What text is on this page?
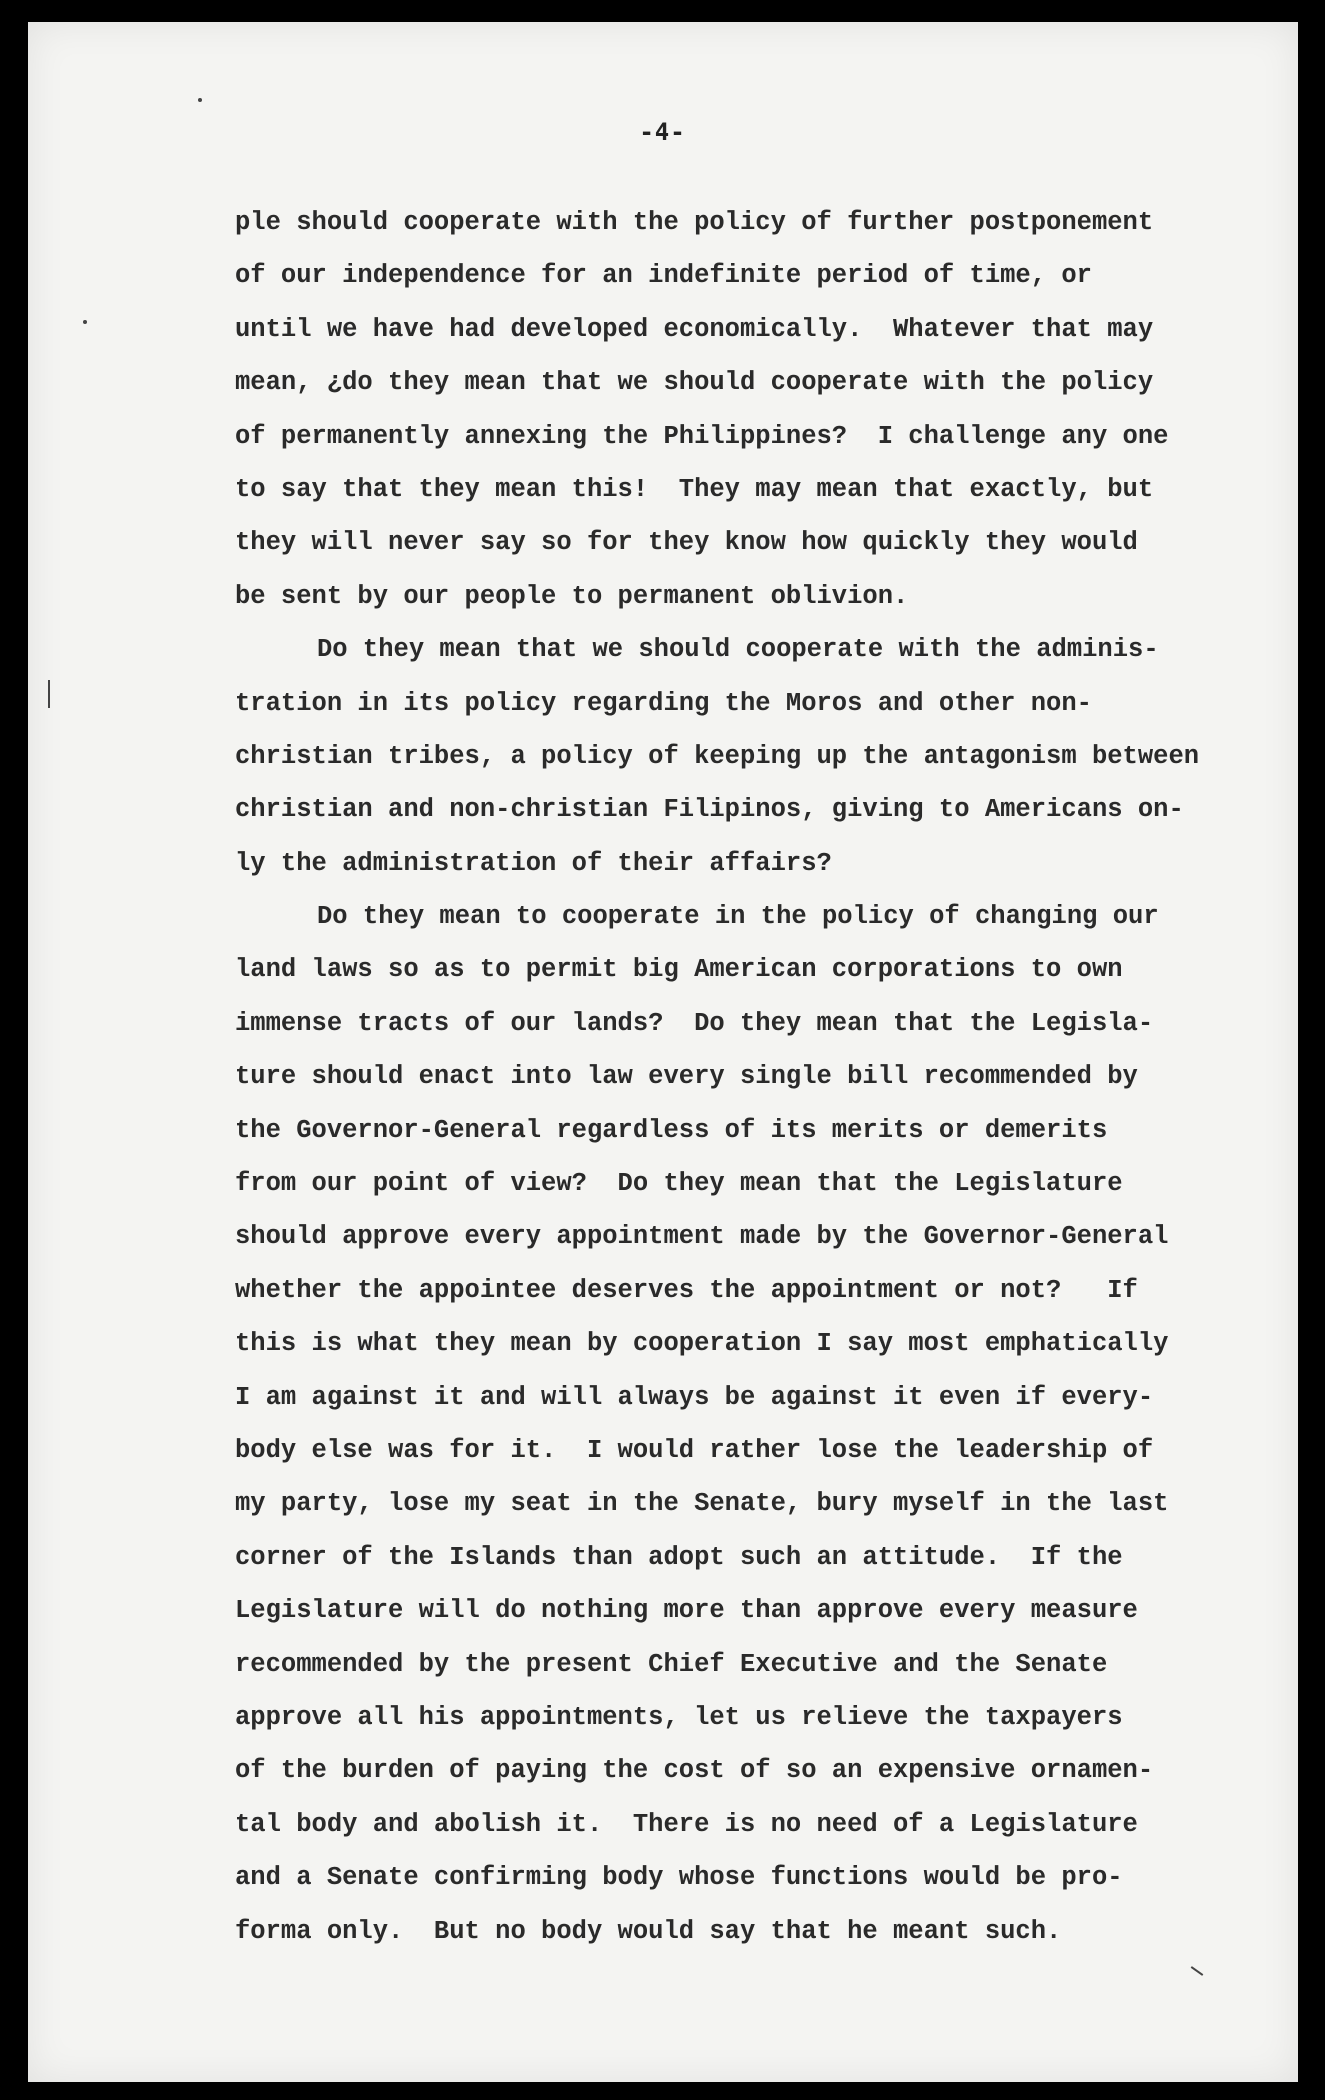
-4-
ple should cooperate with the policy of further postponement
of our independence for an indefinite period of time, or
until we have had developed economically.  Whatever that may
mean, ¿do they mean that we should cooperate with the policy
of permanently annexing the Philippines?  I challenge any one
to say that they mean this!  They may mean that exactly, but
they will never say so for they know how quickly they would
be sent by our people to permanent oblivion.
Do they mean that we should cooperate with the adminis-
tration in its policy regarding the Moros and other non-
christian tribes, a policy of keeping up the antagonism between
christian and non-christian Filipinos, giving to Americans on-
ly the administration of their affairs?
Do they mean to cooperate in the policy of changing our
land laws so as to permit big American corporations to own
immense tracts of our lands?  Do they mean that the Legisla-
ture should enact into law every single bill recommended by
the Governor-General regardless of its merits or demerits
from our point of view?  Do they mean that the Legislature
should approve every appointment made by the Governor-General
whether the appointee deserves the appointment or not?   If
this is what they mean by cooperation I say most emphatically
I am against it and will always be against it even if every-
body else was for it.  I would rather lose the leadership of
my party, lose my seat in the Senate, bury myself in the last
corner of the Islands than adopt such an attitude.  If the
Legislature will do nothing more than approve every measure
recommended by the present Chief Executive and the Senate
approve all his appointments, let us relieve the taxpayers
of the burden of paying the cost of so an expensive ornamen-
tal body and abolish it.  There is no need of a Legislature
and a Senate confirming body whose functions would be pro-
forma only.  But no body would say that he meant such.
